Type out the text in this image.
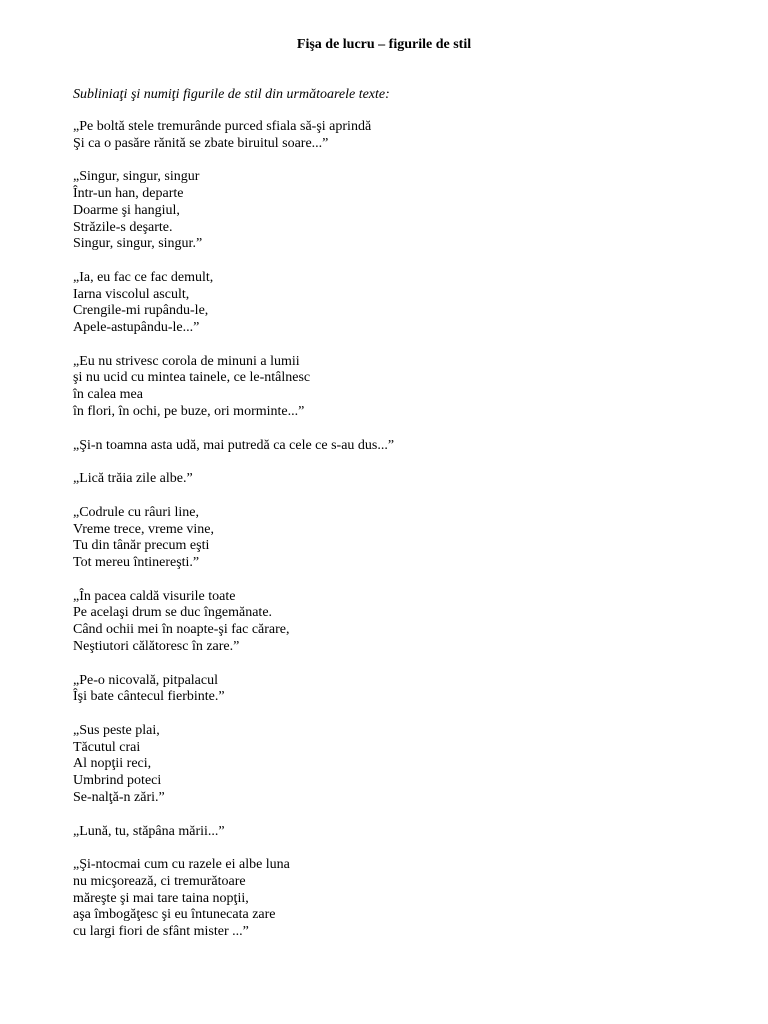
Fişa de lucru – figurile de stil
Subliniaţi şi numiţi figurile de stil din următoarele texte:
„Pe boltă stele tremurânde purced sfiala să-şi aprindă
Şi ca o pasăre rănită se zbate biruitul soare...”
„Singur, singur, singur
Într-un han, departe
Doarme şi hangiul,
Străzile-s deşarte.
Singur, singur, singur.”
„Ia, eu fac ce fac demult,
Iarna viscolul ascult,
Crengile-mi rupându-le,
Apele-astupându-le...”
„Eu nu strivesc corola de minuni a lumii
şi nu ucid cu mintea tainele, ce le-ntâlnesc
în calea mea
în flori, în ochi, pe buze, ori morminte...”
„Şi-n toamna asta udă, mai putredă ca cele ce s-au dus...”
„Lică trăia zile albe.”
„Codrule cu râuri line,
Vreme trece, vreme vine,
Tu din tânăr precum eşti
Tot mereu întinereşti.”
„În pacea caldă visurile toate
Pe acelaşi drum se duc îngemănate.
Când ochii mei în noapte-şi fac cărare,
Neştiutori călătoresc în zare.”
„Pe-o nicovală, pitpalacul
Îşi bate cântecul fierbinte.”
„Sus peste plai,
Tăcutul crai
Al nopţii reci,
Umbrind poteci
Se-nalţă-n zări.”
„Lună, tu, stăpâna mării...”
„Şi-ntocmai cum cu razele ei albe luna
nu micşorează, ci tremurătoare
măreşte şi mai tare taina nopţii,
aşa îmbogăţesc şi eu întunecata zare
cu largi fiori de sfânt mister ...”
